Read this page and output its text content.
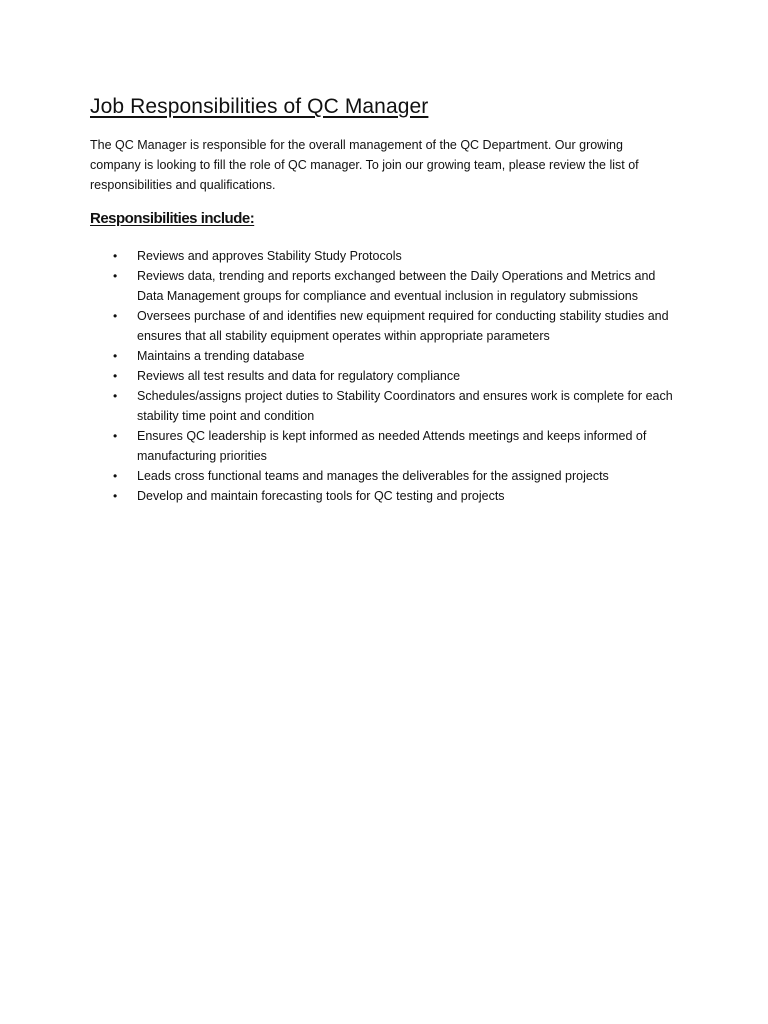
Job Responsibilities of QC Manager

The QC Manager is responsible for the overall management of the QC Department. Our growing company is looking to fill the role of QC manager. To join our growing team, please review the list of responsibilities and qualifications.

Responsibilities include:
• Reviews and approves Stability Study Protocols
• Reviews data, trending and reports exchanged between the Daily Operations and Metrics and Data Management groups for compliance and eventual inclusion in regulatory submissions
• Oversees purchase of and identifies new equipment required for conducting stability studies and ensures that all stability equipment operates within appropriate parameters
• Maintains a trending database
• Reviews all test results and data for regulatory compliance
• Schedules/assigns project duties to Stability Coordinators and ensures work is complete for each stability time point and condition
• Ensures QC leadership is kept informed as needed Attends meetings and keeps informed of manufacturing priorities
• Leads cross functional teams and manages the deliverables for the assigned projects
• Develop and maintain forecasting tools for QC testing and projects
